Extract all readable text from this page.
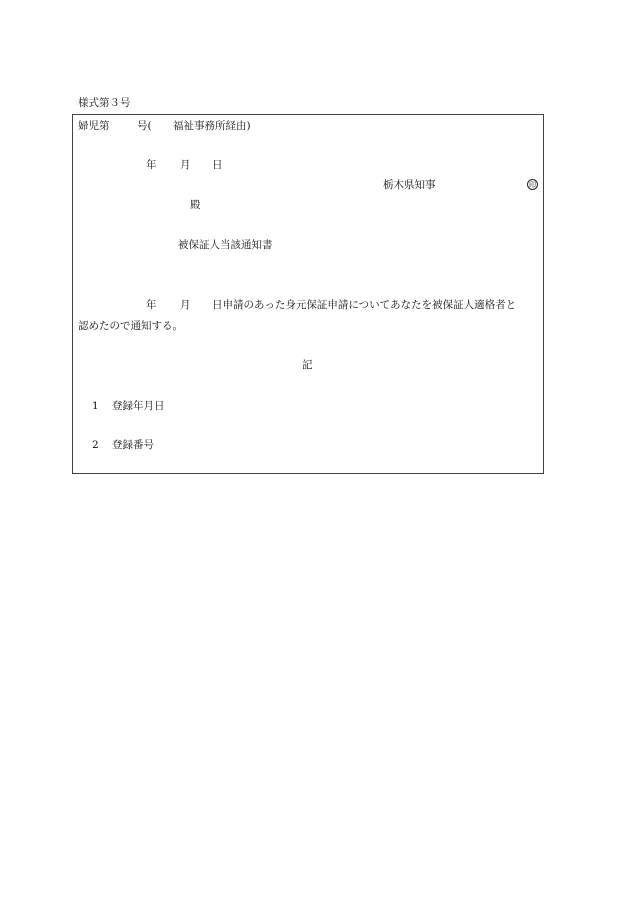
様式第３号
婦児第	号( 福祉事務所経由)
年 月 日
栃木県知事	印
殿
被保証人当該通知書
年 月 日申請のあった身元保証申請についてあなたを被保証人適格者と
認めたので通知する。
記
1 登録年月日
2 登録番号
